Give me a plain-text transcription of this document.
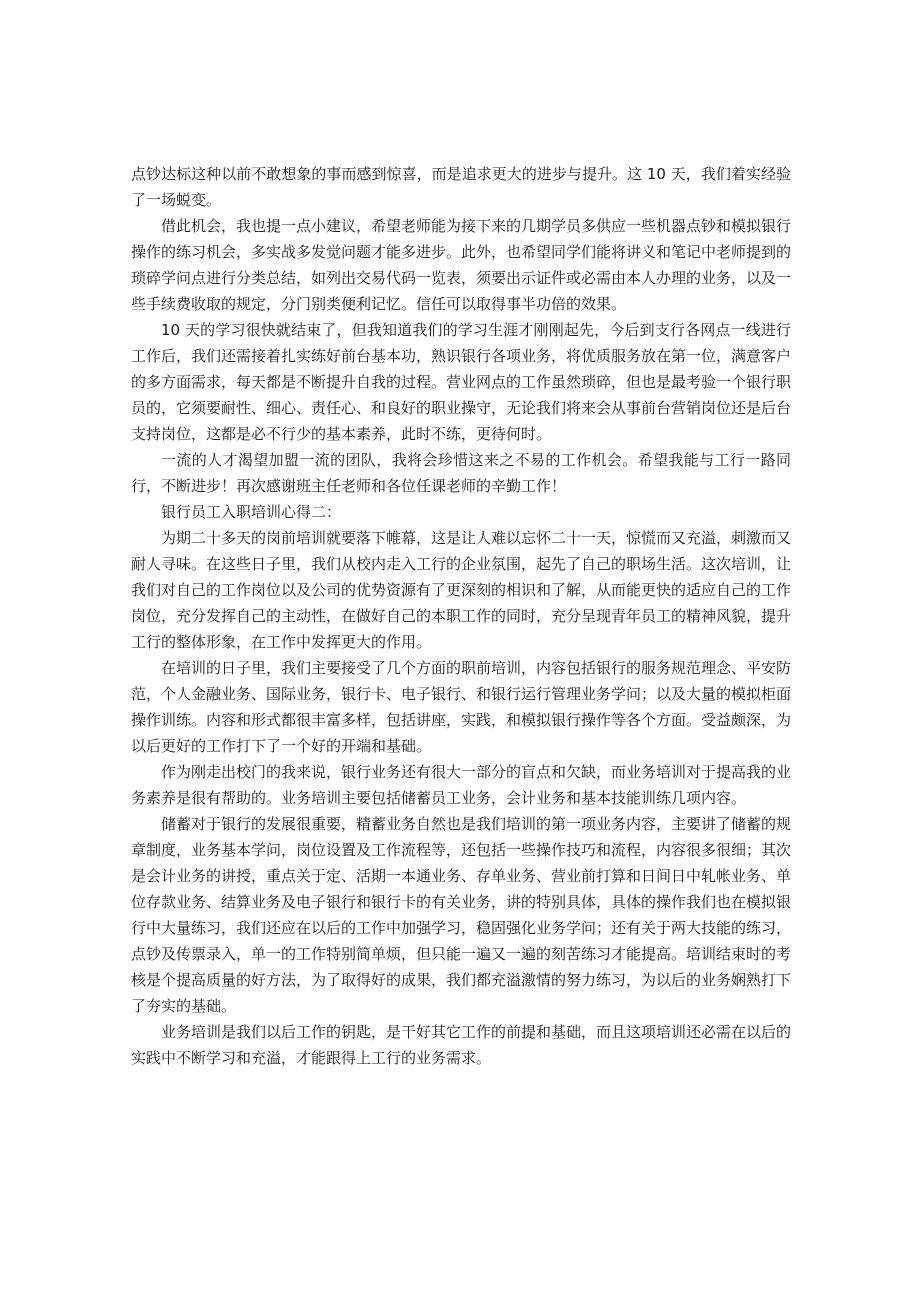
点钞达标这种以前不敢想象的事而感到惊喜，而是追求更大的进步与提升。这 10 天，我们着实经验了一场蜕变。

借此机会，我也提一点小建议，希望老师能为接下来的几期学员多供应一些机器点钞和模拟银行操作的练习机会，多实战多发觉问题才能多进步。此外，也希望同学们能将讲义和笔记中老师提到的琐碎学问点进行分类总结，如列出交易代码一览表，须要出示证件或必需由本人办理的业务，以及一些手续费收取的规定，分门别类便利记忆。信任可以取得事半功倍的效果。

10 天的学习很快就结束了，但我知道我们的学习生涯才刚刚起先，今后到支行各网点一线进行工作后，我们还需接着扎实练好前台基本功，熟识银行各项业务，将优质服务放在第一位，满意客户的多方面需求，每天都是不断提升自我的过程。营业网点的工作虽然琐碎，但也是最考验一个银行职员的，它须要耐性、细心、责任心、和良好的职业操守，无论我们将来会从事前台营销岗位还是后台支持岗位，这都是必不行少的基本素养，此时不练，更待何时。

一流的人才渴望加盟一流的团队，我将会珍惜这来之不易的工作机会。希望我能与工行一路同行，不断进步！再次感谢班主任老师和各位任课老师的辛勤工作！

银行员工入职培训心得二：

为期二十多天的岗前培训就要落下帷幕，这是让人难以忘怀二十一天，惊慌而又充溢，刺激而又耐人寻味。在这些日子里，我们从校内走入工行的企业氛围，起先了自己的职场生活。这次培训，让我们对自己的工作岗位以及公司的优势资源有了更深刻的相识和了解，从而能更快的适应自己的工作岗位，充分发挥自己的主动性，在做好自己的本职工作的同时，充分呈现青年员工的精神风貌，提升工行的整体形象，在工作中发挥更大的作用。

在培训的日子里，我们主要接受了几个方面的职前培训，内容包括银行的服务规范理念、平安防范，个人金融业务、国际业务，银行卡、电子银行、和银行运行管理业务学问；以及大量的模拟柜面操作训练。内容和形式都很丰富多样，包括讲座，实践，和模拟银行操作等各个方面。受益颇深，为以后更好的工作打下了一个好的开端和基础。

作为刚走出校门的我来说，银行业务还有很大一部分的盲点和欠缺，而业务培训对于提高我的业务素养是很有帮助的。业务培训主要包括储蓄员工业务，会计业务和基本技能训练几项内容。

储蓄对于银行的发展很重要，精蓄业务自然也是我们培训的第一项业务内容，主要讲了储蓄的规章制度，业务基本学问，岗位设置及工作流程等，还包括一些操作技巧和流程，内容很多很细；其次是会计业务的讲授，重点关于定、活期一本通业务、存单业务、营业前打算和日间日中轧帐业务、单位存款业务、结算业务及电子银行和银行卡的有关业务，讲的特别具体，具体的操作我们也在模拟银行中大量练习，我们还应在以后的工作中加强学习，稳固强化业务学问；还有关于两大技能的练习，点钞及传票录入，单一的工作特别简单烦，但只能一遍又一遍的刻苦练习才能提高。培训结束时的考核是个提高质量的好方法，为了取得好的成果，我们都充溢激情的努力练习，为以后的业务娴熟打下了夯实的基础。

业务培训是我们以后工作的钥匙，是干好其它工作的前提和基础，而且这项培训还必需在以后的实践中不断学习和充溢，才能跟得上工行的业务需求。
